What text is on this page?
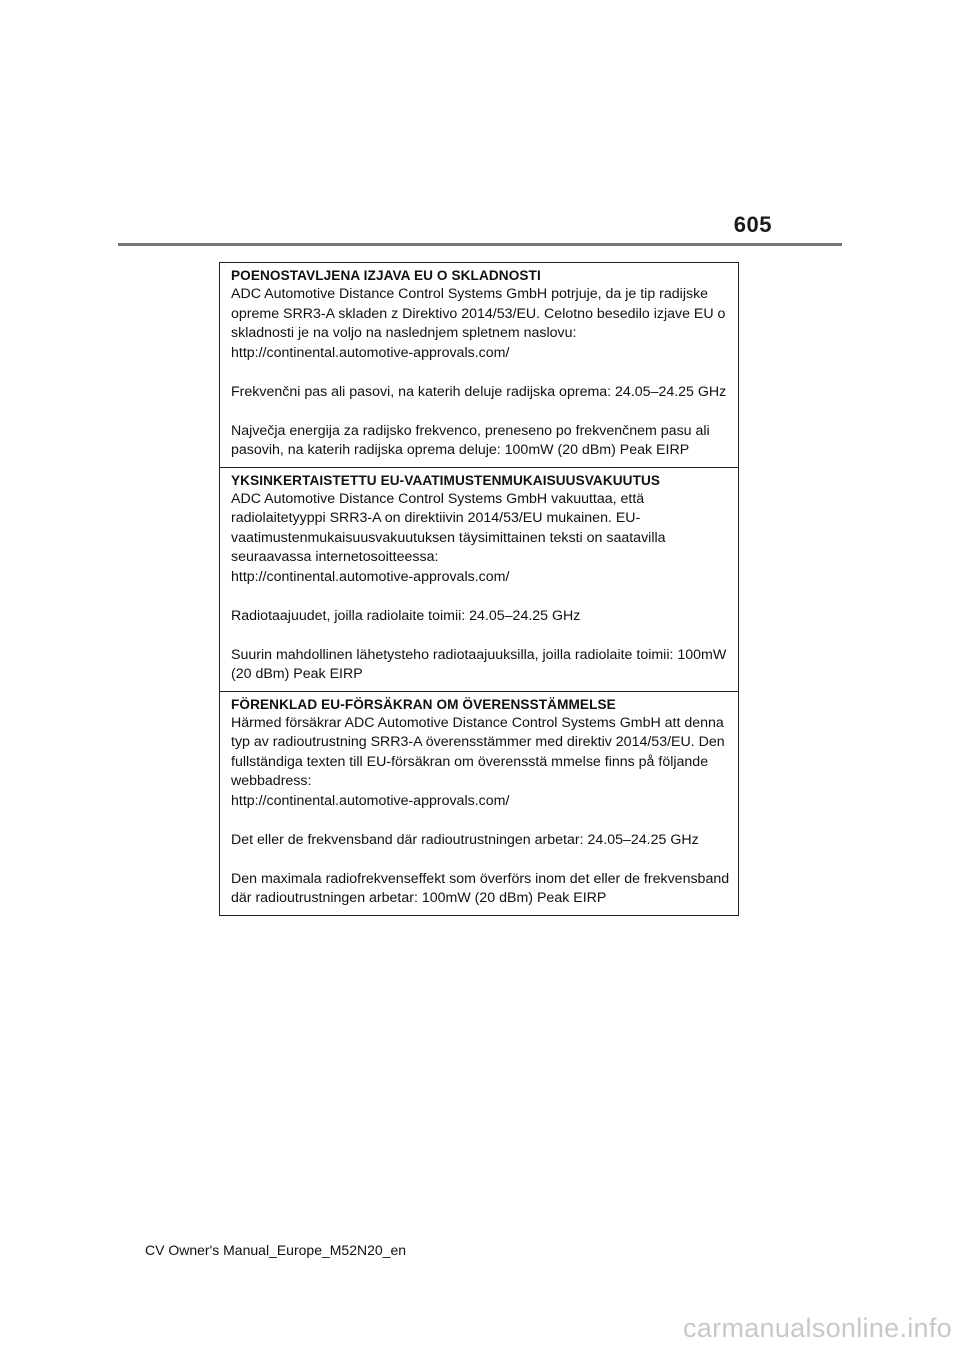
605
POENOSTAVLJENA IZJAVA EU O SKLADNOSTI

ADC Automotive Distance Control Systems GmbH potrjuje, da je tip radijske opreme SRR3-A skladen z Direktivo 2014/53/EU. Celotno besedilo izjave EU o skladnosti je na voljo na naslednjem spletnem naslovu:
http://continental.automotive-approvals.com/

Frekvenčni pas ali pasovi, na katerih deluje radijska oprema: 24.05–24.25 GHz

Največja energija za radijsko frekvenco, preneseno po frekvenčnem pasu ali pasovih, na katerih radijska oprema deluje: 100mW (20 dBm) Peak EIRP

YKSINKERTAISTETTU EU-VAATIMUSTENMUKAISUUSVAKUUTUS

ADC Automotive Distance Control Systems GmbH vakuuttaa, että radiolaitetyyppi SRR3-A on direktiivin 2014/53/EU mukainen. EU-vaatimustenmukaisuusvakuutuksen täysimittainen teksti on saatavilla seuraavassa internetosoitteessa:
http://continental.automotive-approvals.com/

Radiotaajuudet, joilla radiolaite toimii: 24.05–24.25 GHz

Suurin mahdollinen lähetysteho radiotaajuuksilla, joilla radiolaite toimii: 100mW (20 dBm) Peak EIRP

FÖRENKLAD EU-FÖRSÄKRAN OM ÖVERENSSTÄMMELSE

Härmed försäkrar ADC Automotive Distance Control Systems GmbH att denna typ av radioutrustning SRR3-A överensstämmer med direktiv 2014/53/EU. Den fullständiga texten till EU-försäkran om överensstä mmelse finns på följande webbadress:
http://continental.automotive-approvals.com/

Det eller de frekvensband där radioutrustningen arbetar: 24.05–24.25 GHz

Den maximala radiofrekvenseffekt som överförs inom det eller de frekvensband där radioutrustningen arbetar: 100mW (20 dBm) Peak EIRP

CV Owner's Manual_Europe_M52N20_en
carmanualsonline.info
